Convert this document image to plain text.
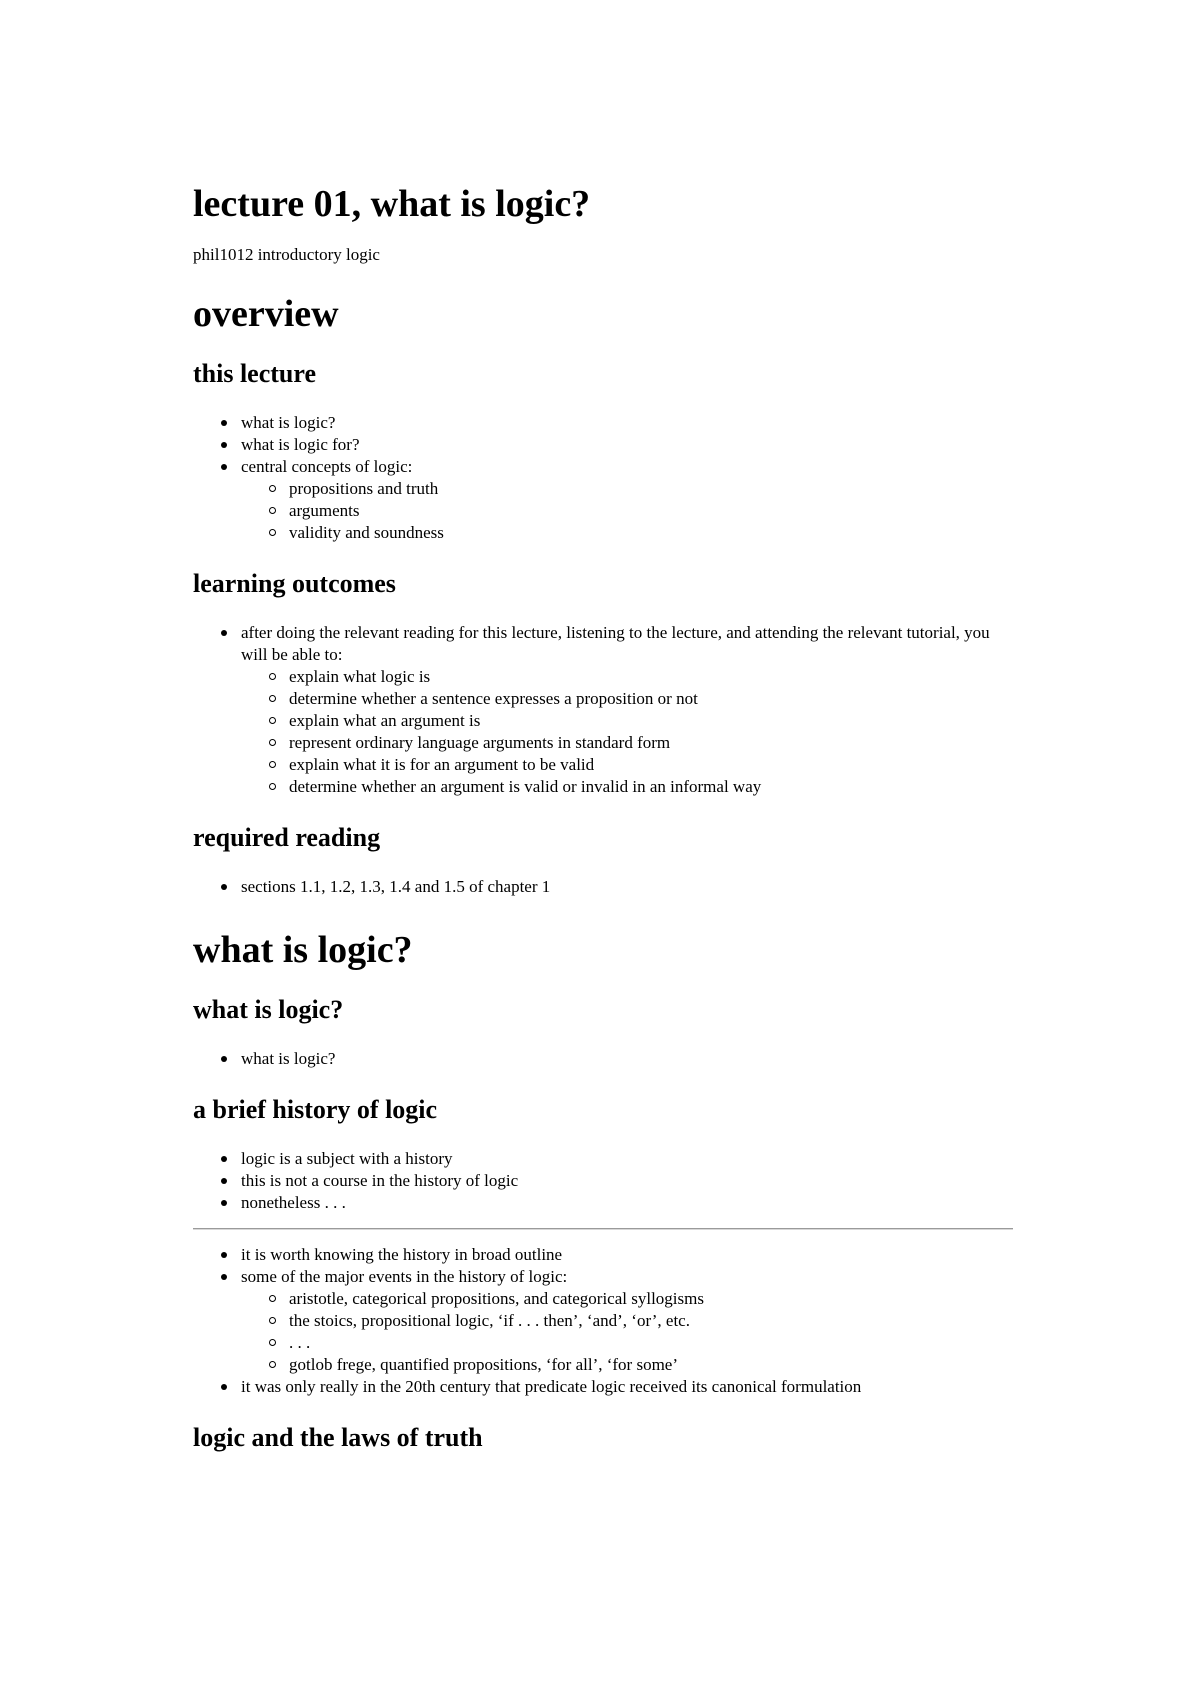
lecture 01, what is logic?

phil1012 introductory logic

overview
this lecture
what is logic?
what is logic for?
central concepts of logic:
propositions and truth
arguments
validity and soundness
learning outcomes
after doing the relevant reading for this lecture, listening to the lecture, and attending the relevant tutorial, you will be able to:
explain what logic is
determine whether a sentence expresses a proposition or not
explain what an argument is
represent ordinary language arguments in standard form
explain what it is for an argument to be valid
determine whether an argument is valid or invalid in an informal way
required reading
sections 1.1, 1.2, 1.3, 1.4 and 1.5 of chapter 1
what is logic?
what is logic?
what is logic?
a brief history of logic
logic is a subject with a history
this is not a course in the history of logic
nonetheless . . .
it is worth knowing the history in broad outline
some of the major events in the history of logic:
aristotle, categorical propositions, and categorical syllogisms
the stoics, propositional logic, ‘if . . . then’, ‘and’, ‘or’, etc.
. . .
gotlob frege, quantified propositions, ‘for all’, ‘for some’
it was only really in the 20th century that predicate logic received its canonical formulation
logic and the laws of truth
